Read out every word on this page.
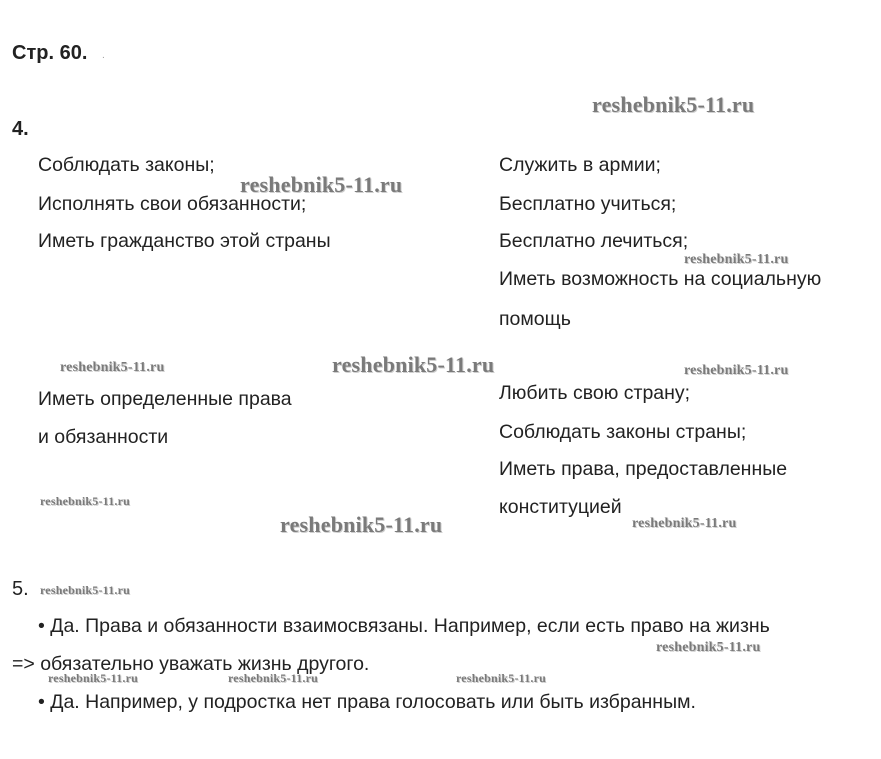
Стр. 60. .
4.
Соблюдать законы;
Исполнять свои обязанности;
Иметь гражданство этой страны
Служить в армии;
Бесплатно учиться;
Бесплатно лечиться;
Иметь возможность на социальную
помощь
Иметь определенные права
и обязанности
Любить свою страну;
Соблюдать законы страны;
Иметь права, предоставленные
конституцией
5.
• Да. Права и обязанности взаимосвязаны. Например, если есть право на жизнь
=> обязательно уважать жизнь другого.
• Да. Например, у подростка нет права голосовать или быть избранным.
reshebnik5-11.ru
reshebnik5-11.ru
reshebnik5-11.ru
reshebnik5-11.ru	reshebnik5-11.ru	reshebnik5-11.ru
reshebnik5-11.ru
reshebnik5-11.ru	reshebnik5-11.ru
reshebnik5-11.ru
reshebnik5-11.ru
reshebnik5-11.ru	reshebnik5-11.ru	reshebnik5-11.ru
